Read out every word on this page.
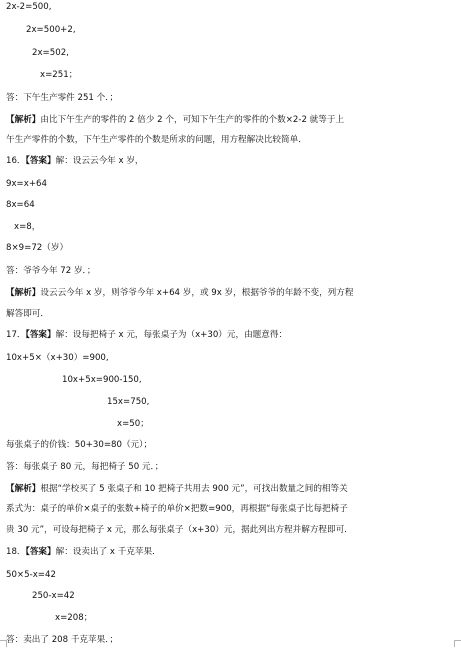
2x-2=500,
2x=500+2,
2x=502,
x=251；
答：下午生产零件 251 个．；
【解析】由比下午生产的零件的 2 倍少 2 个，可知下午生产的零件的个数×2-2 就等于上
午生产零件的个数，下午生产零件的个数是所求的问题，用方程解决比较简单．
16．【答案】解：设云云今年 x 岁，
9x=x+64
8x=64
x=8，
8×9=72（岁）
答：爷爷今年 72 岁．；
【解析】设云云今年 x 岁，则爷爷今年 x+64 岁，或 9x 岁，根据爷爷的年龄不变，列方程
解答即可．
17．【答案】解：设每把椅子 x 元，每张桌子为（x+30）元，由题意得：
10x+5×（x+30）=900,
10x+5x=900-150,
15x=750,
x=50；
每张桌子的价钱：50+30=80（元）；
答：每张桌子 80 元，每把椅子 50 元．；
【解析】根据“学校买了 5 张桌子和 10 把椅子共用去 900 元”，可找出数量之间的相等关
系式为：桌子的单价×桌子的张数+椅子的单价×把数=900，再根据“每张桌子比每把椅子
贵 30 元”，可设每把椅子 x 元，那么每张桌子（x+30）元，据此列出方程并解方程即可．
18．【答案】解：设卖出了 x 千克苹果．
50×5-x=42
250-x=42
x=208；
答：卖出了 208 千克苹果．；
